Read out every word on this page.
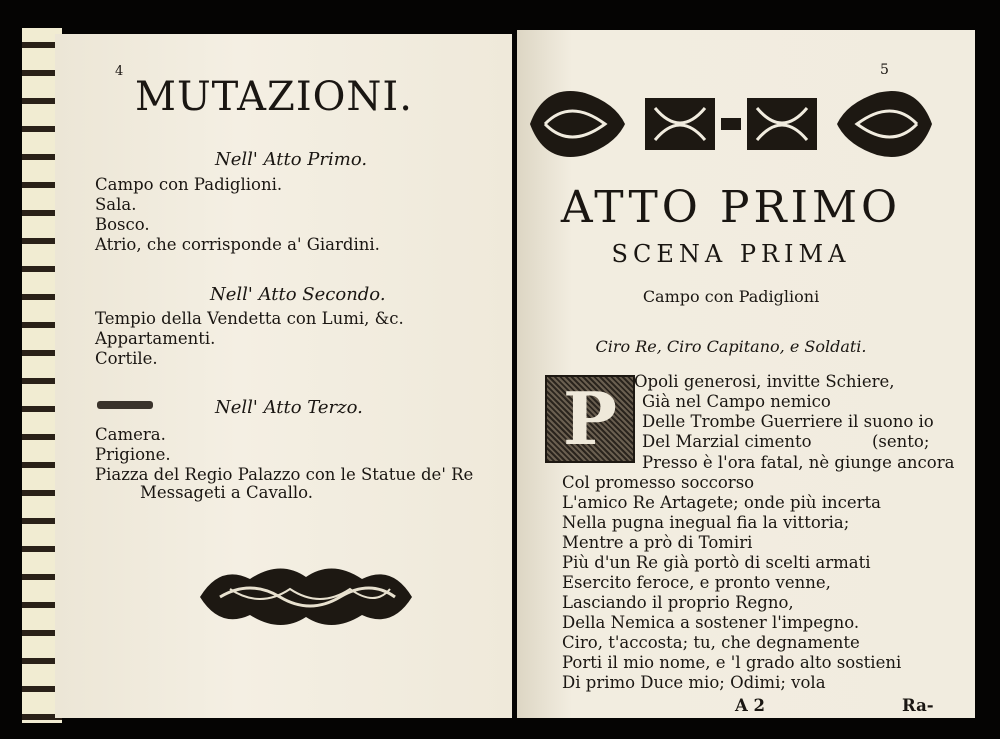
4
MUTAZIONI.
Nell' Atto Primo.
Campo con Padiglioni.
Sala.
Bosco.
Atrio, che corrisponde a' Giardini.
Nell' Atto Secondo.
Tempio della Vendetta con Lumi, &c.
Appartamenti.
Cortile.
Nell' Atto Terzo.
Camera.
Prigione.
Piazza del Regio Palazzo con le Statue de' Re
Messageti a Cavallo.
5
ATTO PRIMO
SCENA PRIMA
Campo con Padiglioni
Ciro Re, Ciro Capitano, e Soldati.
P	Opoli generosi, invitte Schiere,
Già nel Campo nemico
Delle Trombe Guerriere il suono io
Del Marzial cimento	(sento;
Presso è l'ora fatal, nè giunge ancora
Col promesso soccorso
L'amico Re Artagete; onde più incerta
Nella pugna inegual fia la vittoria;
Mentre a prò di Tomiri
Più d'un Re già portò di scelti armati
Esercito feroce, e pronto venne,
Lasciando il proprio Regno,
Della Nemica a sostener l'impegno.
Ciro, t'accosta; tu, che degnamente
Porti il mio nome, e 'l grado alto sostieni
Di primo Duce mio; Odimi; vola
A 2	Ra-
